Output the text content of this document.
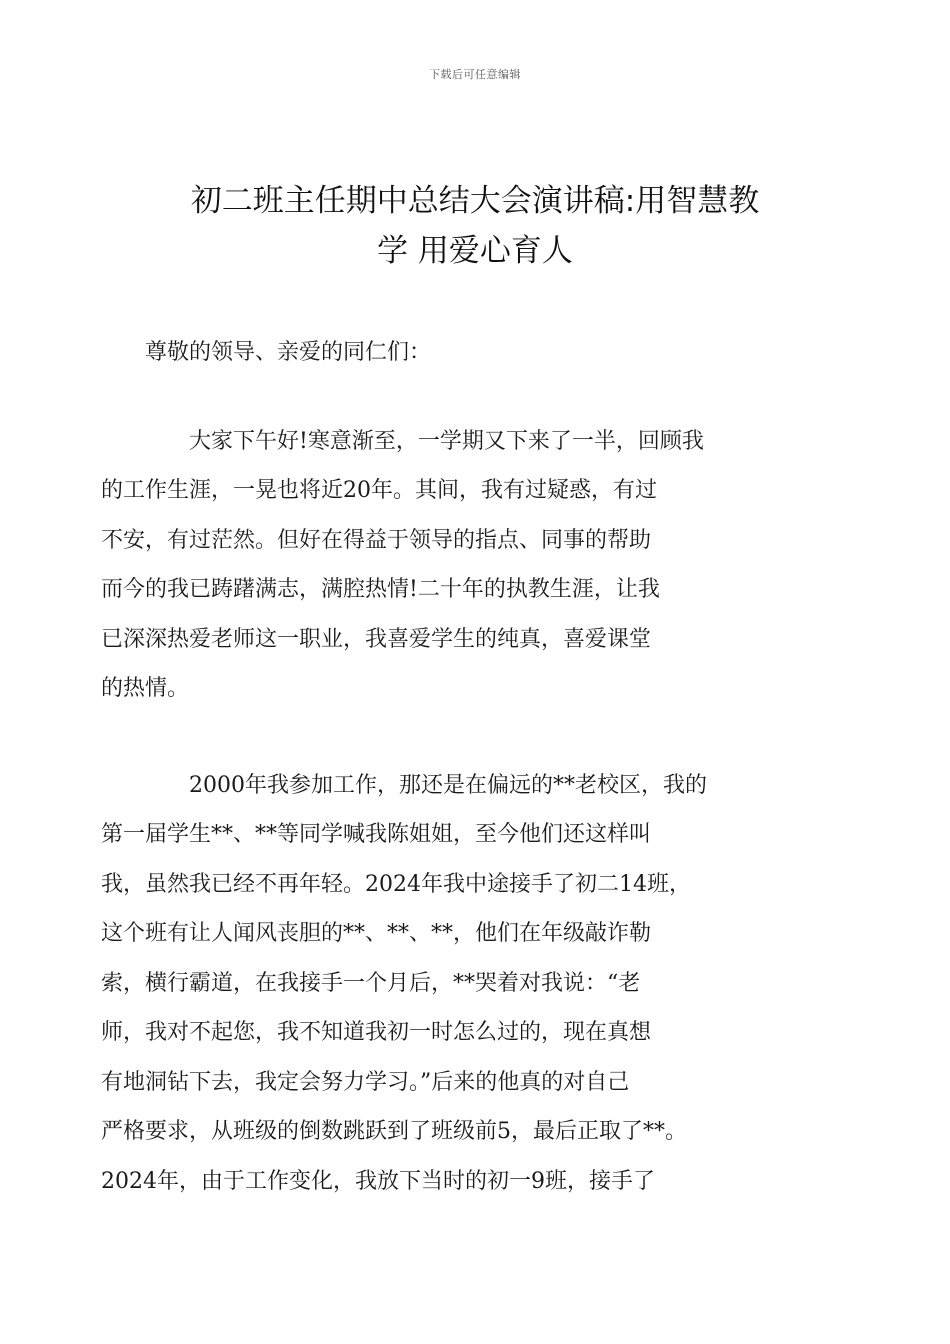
下载后可任意编辑
初二班主任期中总结大会演讲稿:用智慧教
学 用爱心育人

尊敬的领导、亲爱的同仁们：

大家下午好!寒意渐至，一学期又下来了一半，回顾我
的工作生涯，一晃也将近20年。其间，我有过疑惑，有过
不安，有过茫然。但好在得益于领导的指点、同事的帮助
而今的我已踌躇满志，满腔热情!二十年的执教生涯，让我
已深深热爱老师这一职业，我喜爱学生的纯真，喜爱课堂
的热情。

2000年我参加工作，那还是在偏远的**老校区，我的
第一届学生**、**等同学喊我陈姐姐，至今他们还这样叫
我，虽然我已经不再年轻。2024年我中途接手了初二14班，
这个班有让人闻风丧胆的**、**、**，他们在年级敲诈勒
索，横行霸道，在我接手一个月后，**哭着对我说：“老
师，我对不起您，我不知道我初一时怎么过的，现在真想
有地洞钻下去，我定会努力学习。”后来的他真的对自己
严格要求，从班级的倒数跳跃到了班级前5，最后正取了**。
2024年，由于工作变化，我放下当时的初一9班，接手了
